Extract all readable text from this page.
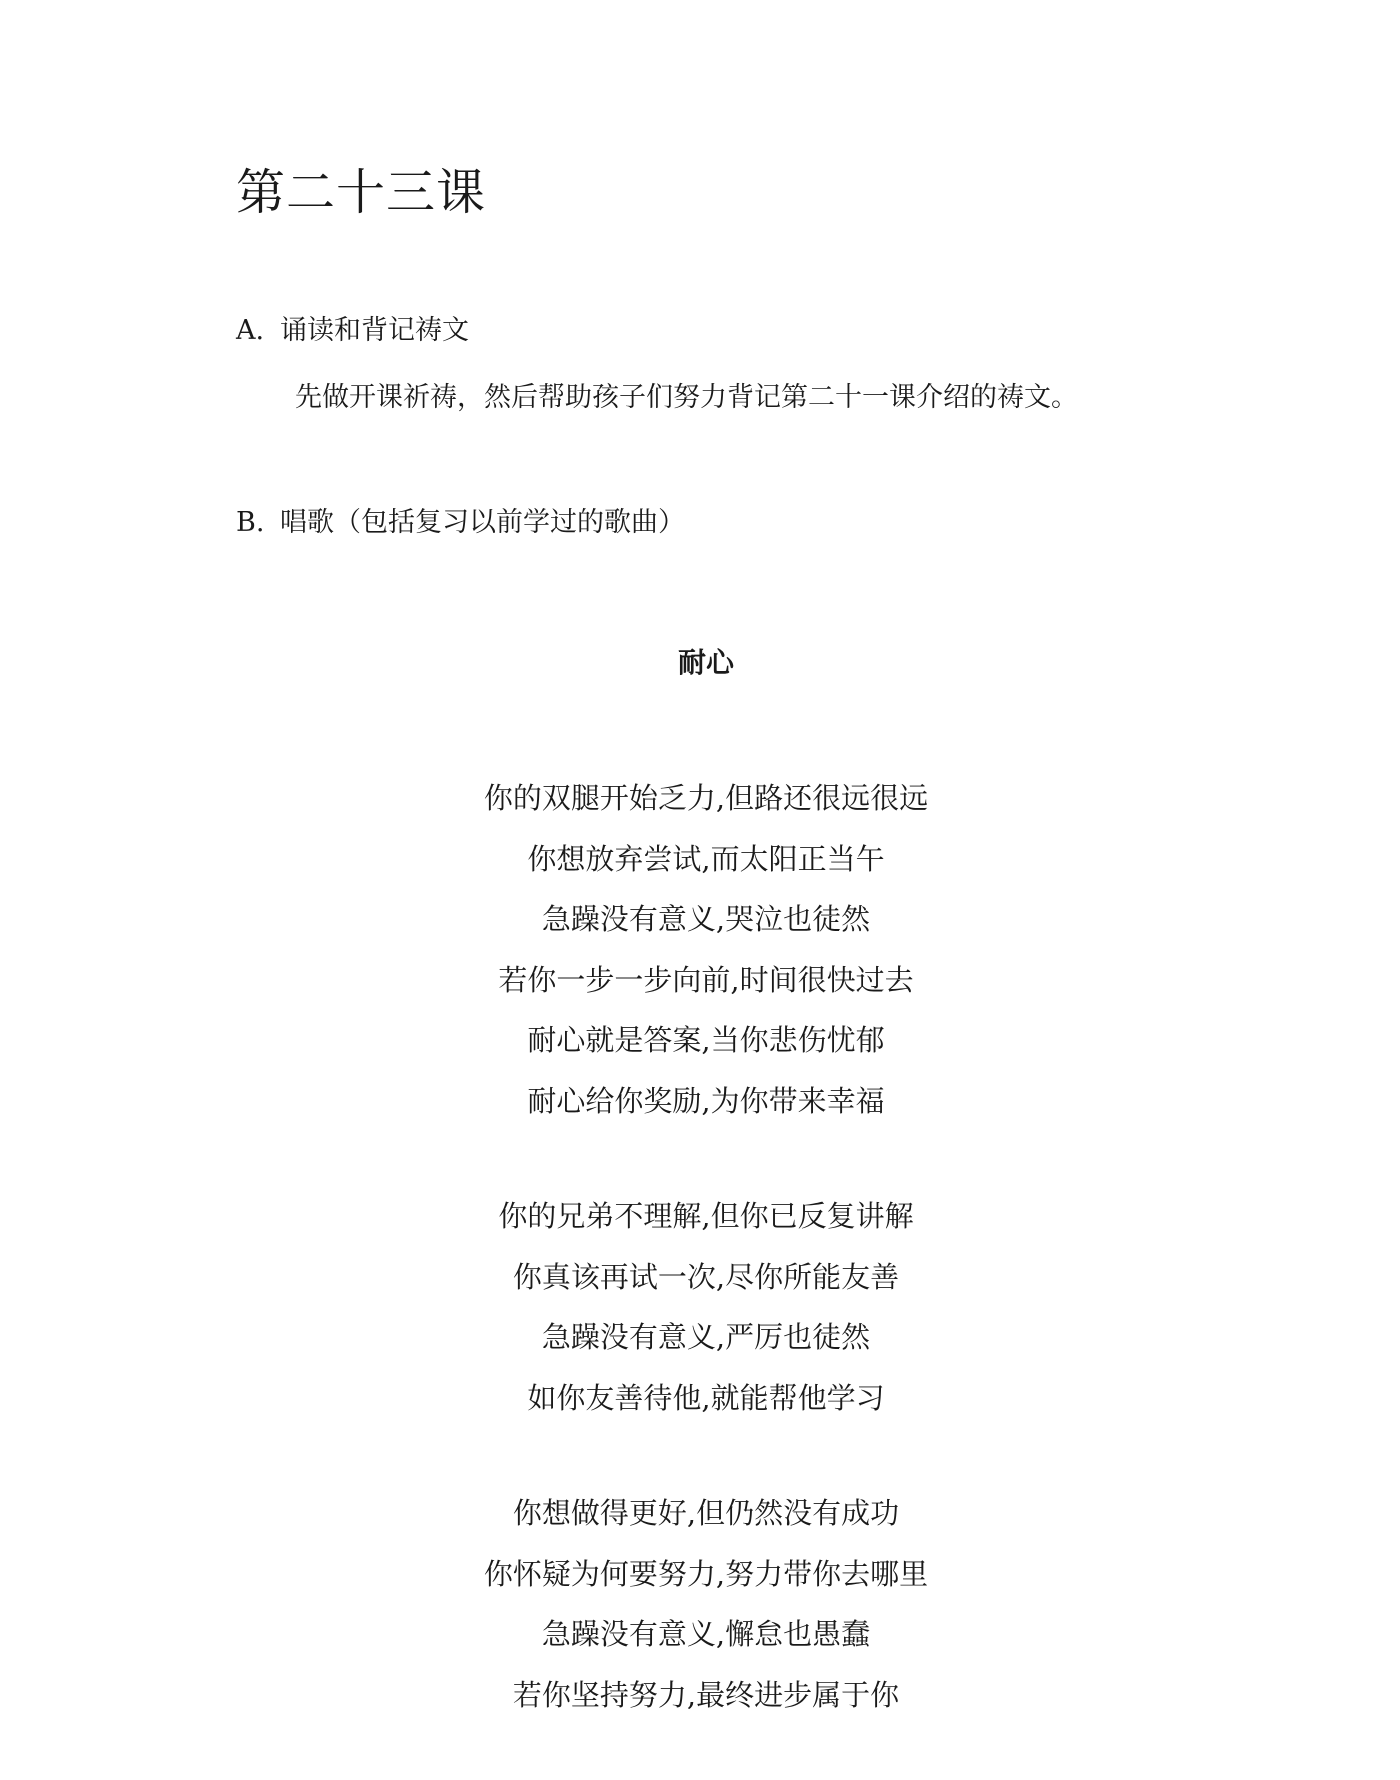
第二十三课
A. 诵读和背记祷文

先做开课祈祷，然后帮助孩子们努力背记第二十一课介绍的祷文。

B. 唱歌（包括复习以前学过的歌曲）
耐心
你的双腿开始乏力,但路还很远很远
你想放弃尝试,而太阳正当午
急躁没有意义,哭泣也徒然
若你一步一步向前,时间很快过去
耐心就是答案,当你悲伤忧郁
耐心给你奖励,为你带来幸福
你的兄弟不理解,但你已反复讲解
你真该再试一次,尽你所能友善
急躁没有意义,严厉也徒然
如你友善待他,就能帮他学习
你想做得更好,但仍然没有成功
你怀疑为何要努力,努力带你去哪里
急躁没有意义,懈怠也愚蠢
若你坚持努力,最终进步属于你
